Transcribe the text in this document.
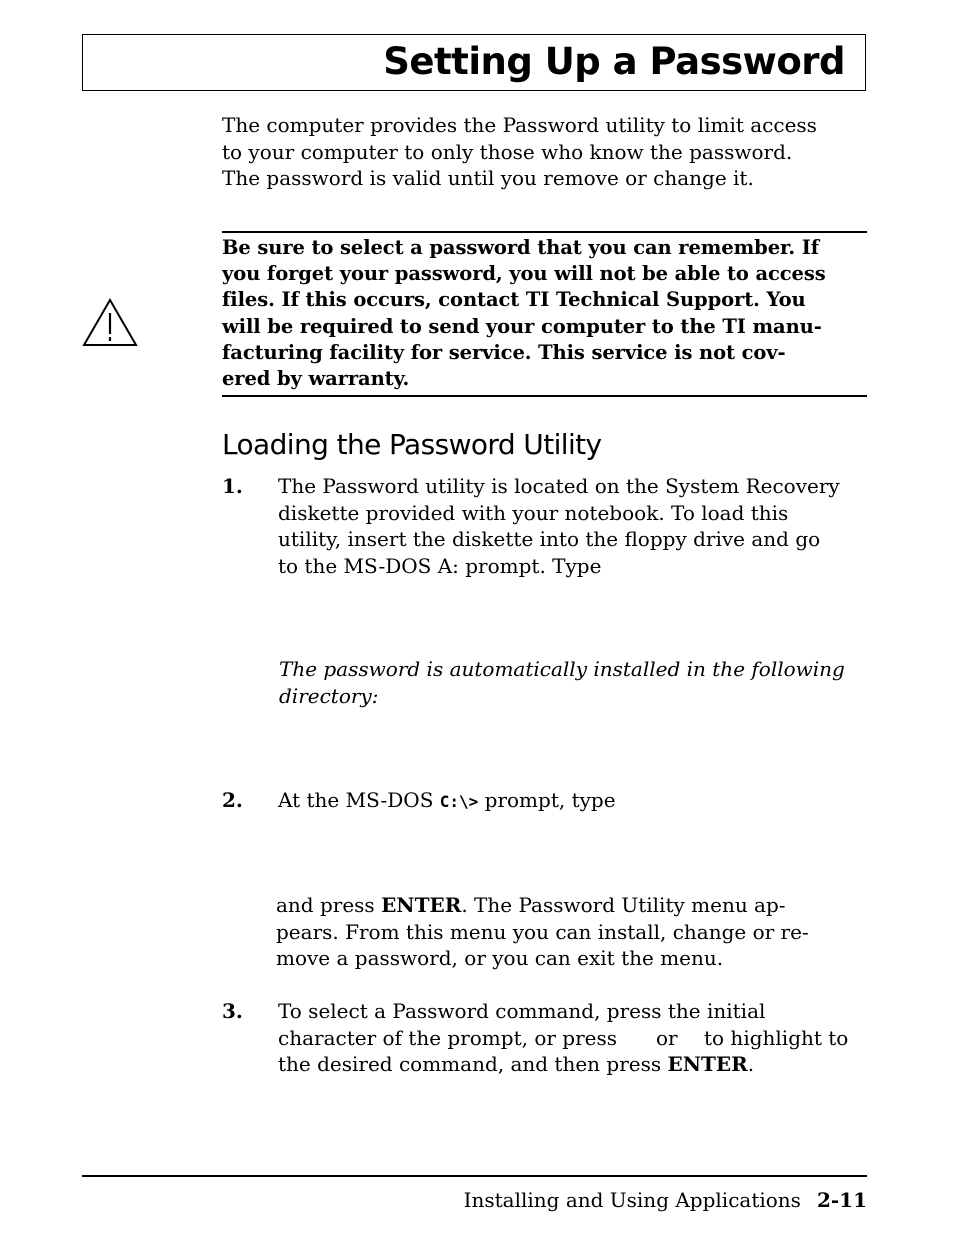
Setting Up a Password
The computer provides the Password utility to limit access
to your computer to only those who know the password.
The password is valid until you remove or change it.
Be sure to select a password that you can remember. If
you forget your password, you will not be able to access
files. If this occurs, contact TI Technical Support. You
will be required to send your computer to the TI manu-
facturing facility for service. This service is not cov-
ered by warranty.
Loading the Password Utility
1. The Password utility is located on the System Recovery
diskette provided with your notebook. To load this
utility, insert the diskette into the floppy drive and go
to the MS-DOS A: prompt. Type
The password is automatically installed in the following
directory:
2. At the MS-DOS C:\> prompt, type
and press ENTER. The Password Utility menu ap-
pears. From this menu you can install, change or re-
move a password, or you can exit the menu.
3. To select a Password command, press the initial
character of the prompt, or press or to highlight to
the desired command, and then press ENTER.
Installing and Using Applications 2-11
